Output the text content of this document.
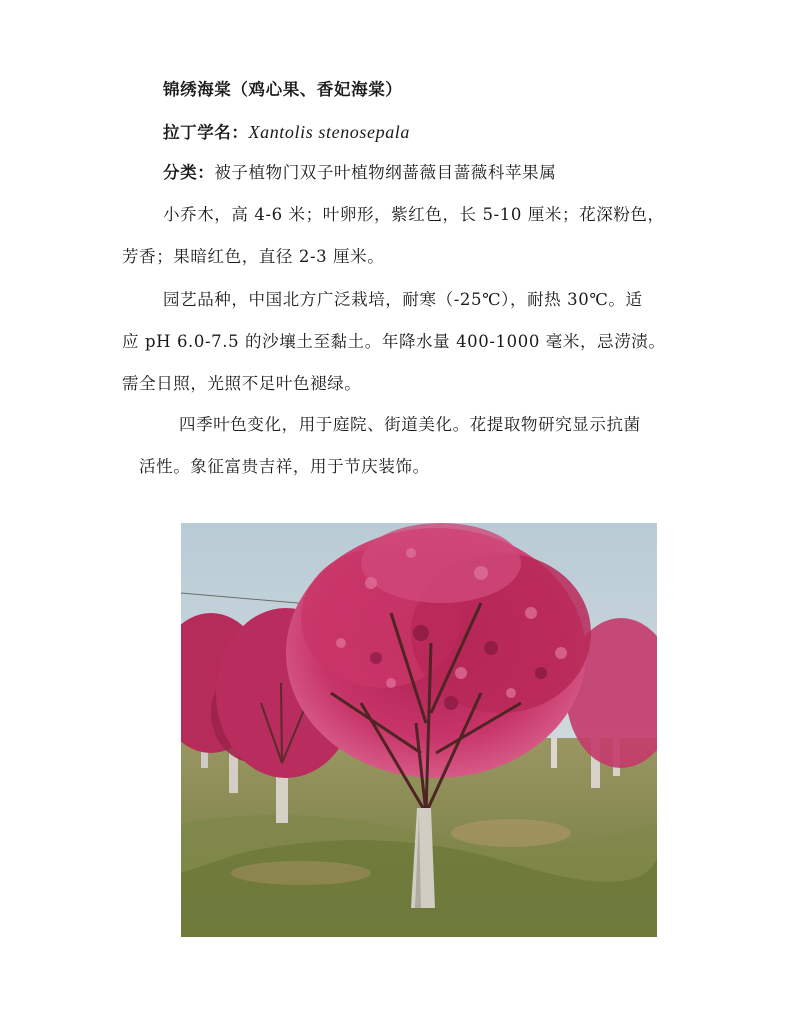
锦绣海棠（鸡心果、香妃海棠）
拉丁学名：Xantolis stenosepala
分类：被子植物门双子叶植物纲蔷薇目蔷薇科苹果属
小乔木，高 4-6 米；叶卵形，紫红色，长 5-10 厘米；花深粉色，
芳香；果暗红色，直径 2-3 厘米。
园艺品种，中国北方广泛栽培，耐寒（-25℃），耐热 30℃。适
应 pH 6.0-7.5 的沙壤土至黏土。年降水量 400-1000 毫米，忌涝渍。
需全日照，光照不足叶色褪绿。
四季叶色变化，用于庭院、街道美化。花提取物研究显示抗菌
活性。象征富贵吉祥，用于节庆装饰。
